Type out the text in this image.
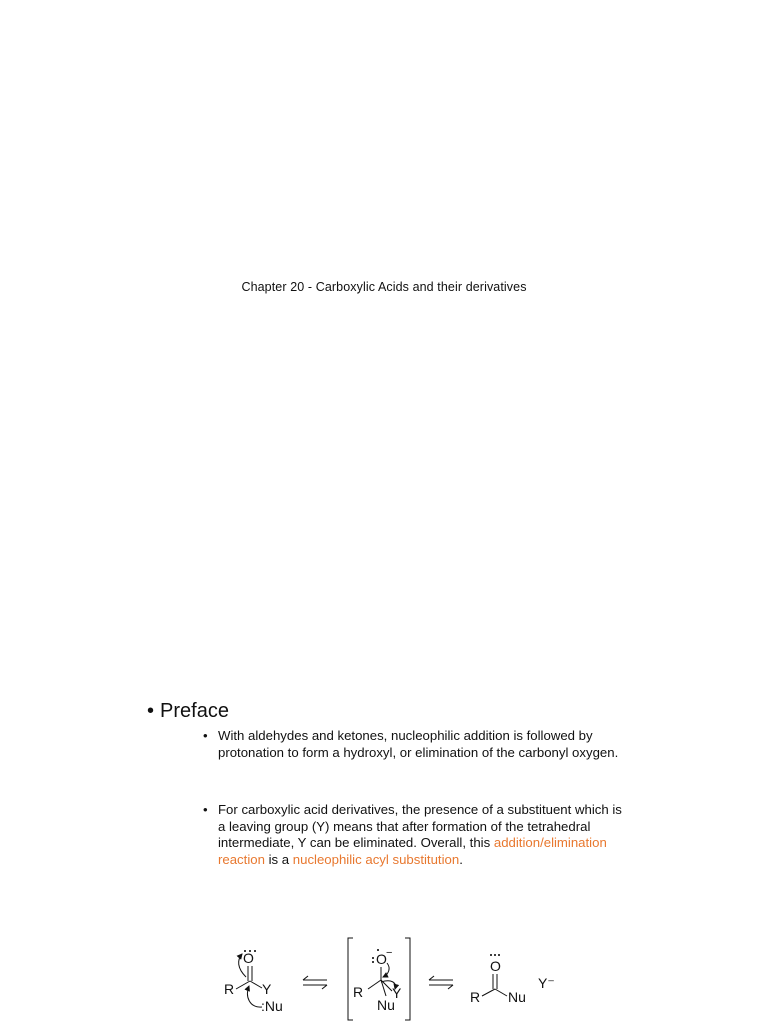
Chapter 20 - Carboxylic Acids and their derivatives
• Preface
• With aldehydes and ketones, nucleophilic addition is followed by protonation to form a hydroxyl, or elimination of the carbonyl oxygen.
• For carboxylic acid derivatives, the presence of a substituent which is a leaving group (Y) means that after formation of the tetrahedral intermediate, Y can be eliminated. Overall, this addition/elimination reaction is a nucleophilic acyl substitution.
O
R Y
:Nu
O −
R Y
Nu
O
R Nu
Y⁻
